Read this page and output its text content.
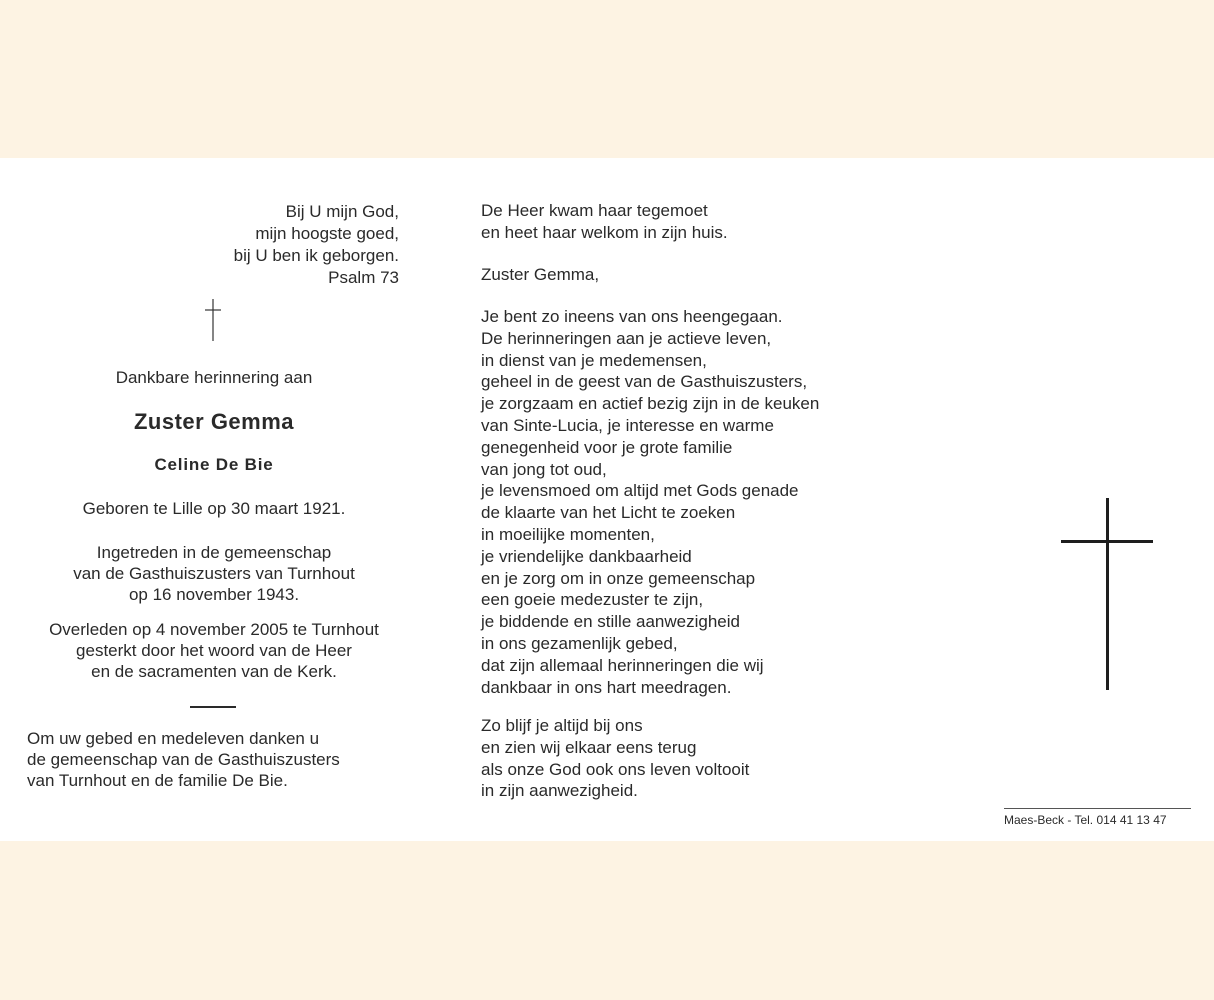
Bij U mijn God,
mijn hoogste goed,
bij U ben ik geborgen.
Psalm 73
Dankbare herinnering aan
Zuster Gemma
Celine De Bie
Geboren te Lille op 30 maart 1921.
Ingetreden in de gemeenschap
van de Gasthuiszusters van Turnhout
op 16 november 1943.
Overleden op 4 november 2005 te Turnhout
gesterkt door het woord van de Heer
en de sacramenten van de Kerk.
Om uw gebed en medeleven danken u
de gemeenschap van de Gasthuiszusters
van Turnhout en de familie De Bie.
De Heer kwam haar tegemoet
en heet haar welkom in zijn huis.
Zuster Gemma,
Je bent zo ineens van ons heengegaan.
De herinneringen aan je actieve leven,
in dienst van je medemensen,
geheel in de geest van de Gasthuiszusters,
je zorgzaam en actief bezig zijn in de keuken
van Sinte-Lucia, je interesse en warme
genegenheid voor je grote familie
van jong tot oud,
je levensmoed om altijd met Gods genade
de klaarte van het Licht te zoeken
in moeilijke momenten,
je vriendelijke dankbaarheid
en je zorg om in onze gemeenschap
een goeie medezuster te zijn,
je biddende en stille aanwezigheid
in ons gezamenlijk gebed,
dat zijn allemaal herinneringen die wij
dankbaar in ons hart meedragen.
Zo blijf je altijd bij ons
en zien wij elkaar eens terug
als onze God ook ons leven voltooit
in zijn aanwezigheid.
Maes-Beck - Tel. 014 41 13 47
